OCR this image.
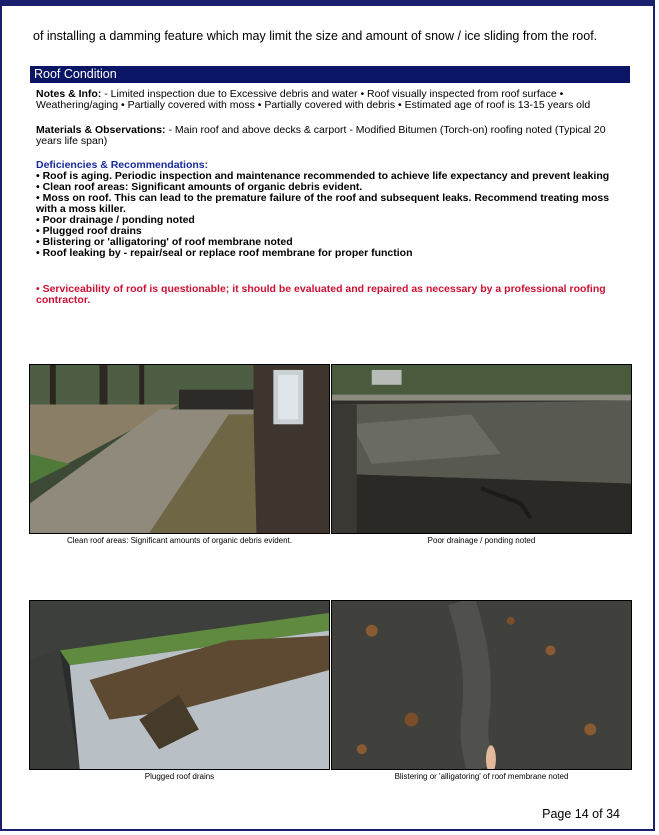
of installing a damming feature which may limit the size and amount of snow / ice sliding from the roof.
Roof Condition
Notes & Info: - Limited inspection due to Excessive debris and water • Roof visually inspected from roof surface • Weathering/aging • Partially covered with moss • Partially covered with debris • Estimated age of roof is 13-15 years old
Materials & Observations: - Main roof and above decks & carport - Modified Bitumen (Torch-on) roofing noted (Typical 20 years life span)
Deficiencies & Recommendations:
• Roof is aging. Periodic inspection and maintenance recommended to achieve life expectancy and prevent leaking
• Clean roof areas: Significant amounts of organic debris evident.
• Moss on roof. This can lead to the premature failure of the roof and subsequent leaks. Recommend treating moss with a moss killer.
• Poor drainage / ponding noted
• Plugged roof drains
• Blistering or 'alligatoring' of roof membrane noted
• Roof leaking by - repair/seal or replace roof membrane for proper function
• Serviceability of roof is questionable; it should be evaluated and repaired as necessary by a professional roofing contractor.
Clean roof areas: Significant amounts of organic debris evident.	Poor drainage / ponding noted
Plugged roof drains	Blistering or 'alligatoring' of roof membrane noted
Page 14 of 34
